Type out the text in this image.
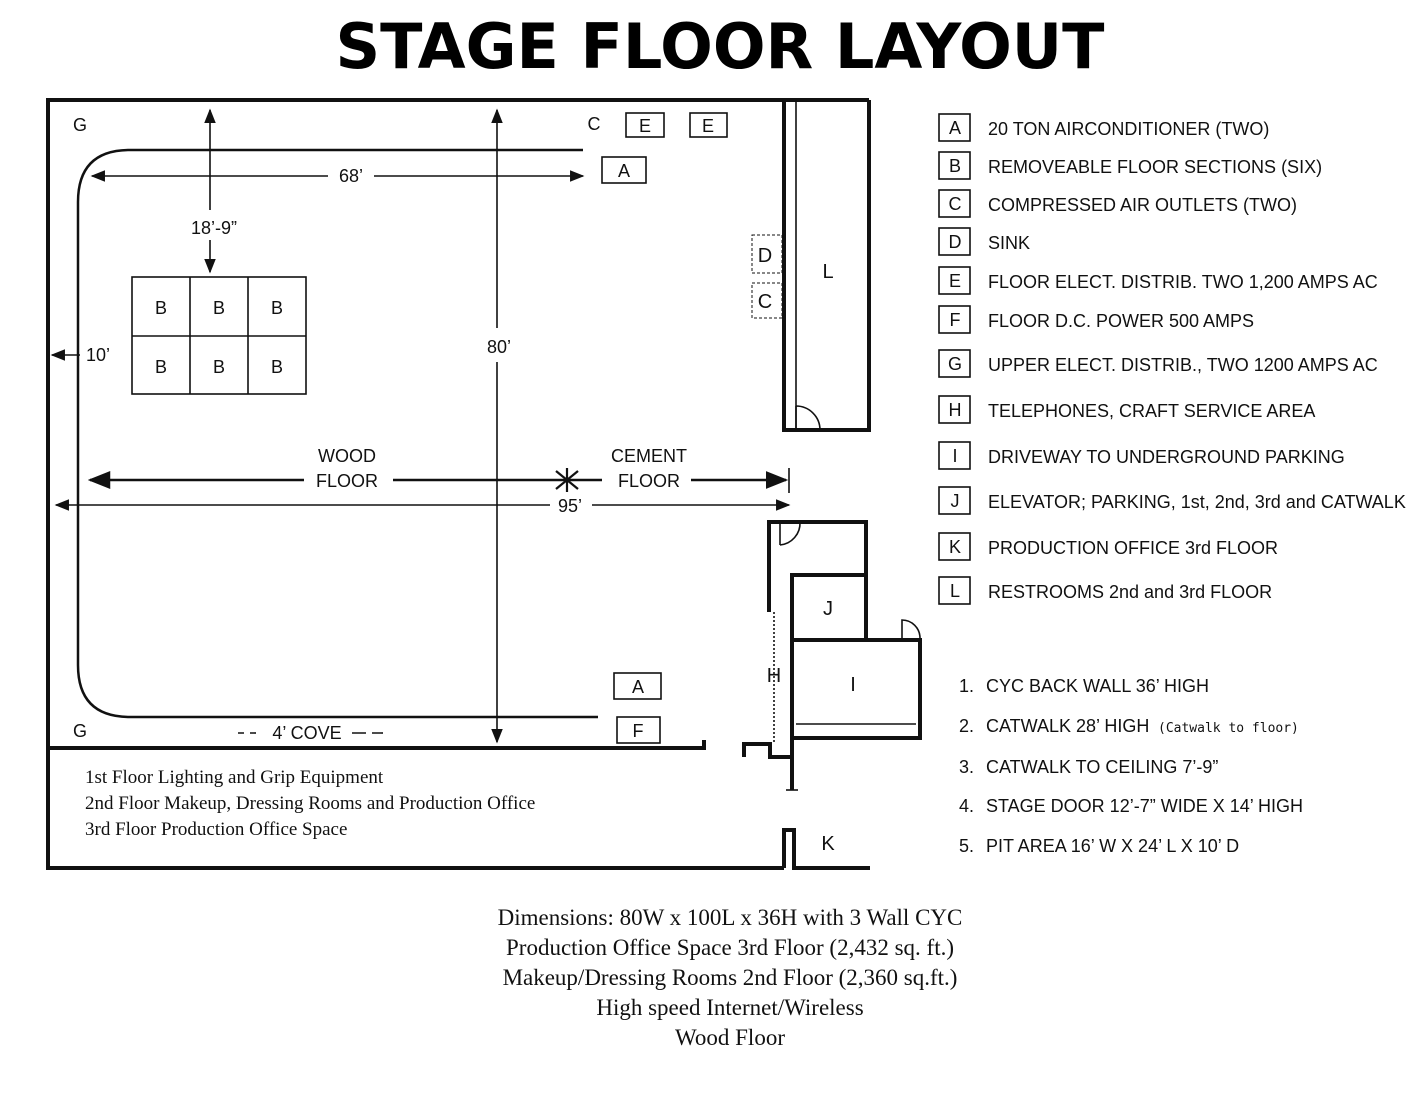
STAGE FLOOR LAYOUT
B	B	B
B	B	B
68’
18’-9”
80’
10’
95’
4’ COVE
WOOD
FLOOR
CEMENT
FLOOR
G
G
C E	E
A
A
F
D
C
L
J
I
H
K
1st Floor Lighting and Grip Equipment
2nd Floor Makeup, Dressing Rooms and Production Office
3rd Floor Production Office Space
A 20 TON AIRCONDITIONER (TWO)
B REMOVEABLE FLOOR SECTIONS (SIX)
C COMPRESSED AIR OUTLETS (TWO)
D SINK
E FLOOR ELECT. DISTRIB. TWO 1,200 AMPS AC
F FLOOR D.C. POWER 500 AMPS
G UPPER ELECT. DISTRIB., TWO 1200 AMPS AC
H TELEPHONES, CRAFT SERVICE AREA
I DRIVEWAY TO UNDERGROUND PARKING
J ELEVATOR; PARKING, 1st, 2nd, 3rd and CATWALK
K PRODUCTION OFFICE 3rd FLOOR
L RESTROOMS 2nd and 3rd FLOOR
1. CYC BACK WALL 36’ HIGH
2. CATWALK 28’ HIGH (Catwalk to floor)
3. CATWALK TO CEILING 7’-9”
4. STAGE DOOR 12’-7” WIDE X 14’ HIGH
5. PIT AREA 16’ W X 24’ L X 10’ D
Dimensions: 80W x 100L x 36H with 3 Wall CYC
Production Office Space 3rd Floor (2,432 sq. ft.)
Makeup/Dressing Rooms 2nd Floor (2,360 sq.ft.)
High speed Internet/Wireless
Wood Floor
